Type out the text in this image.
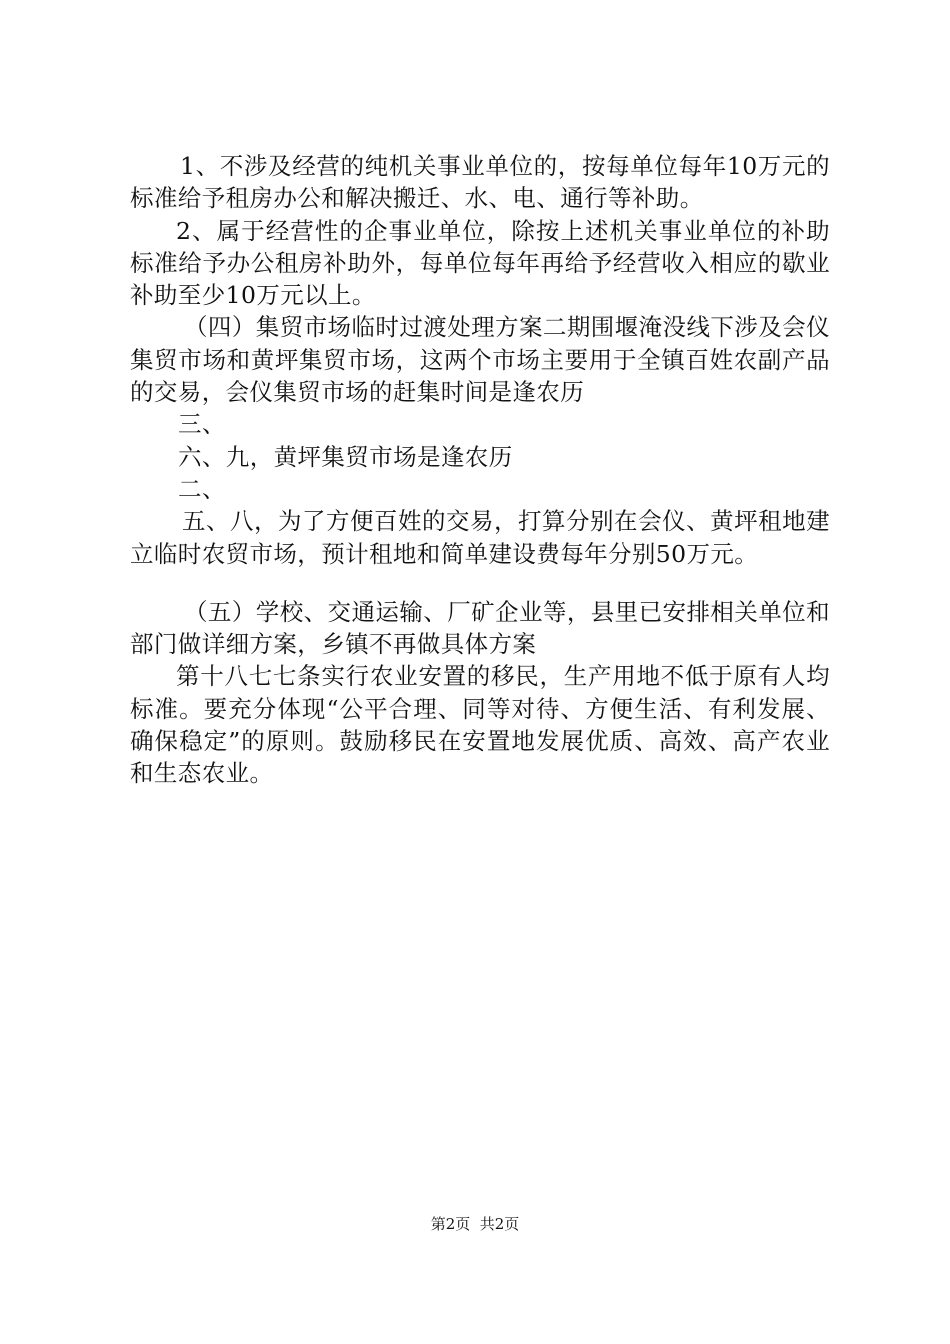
1、不涉及经营的纯机关事业单位的，按每单位每年10万元的标准给予租房办公和解决搬迁、水、电、通行等补助。

2、属于经营性的企事业单位，除按上述机关事业单位的补助标准给予办公租房补助外，每单位每年再给予经营收入相应的歇业补助至少10万元以上。

（四）集贸市场临时过渡处理方案二期围堰淹没线下涉及会仪集贸市场和黄坪集贸市场，这两个市场主要用于全镇百姓农副产品的交易，会仪集贸市场的赶集时间是逢农历

三、

六、九，黄坪集贸市场是逢农历

二、

五、八，为了方便百姓的交易，打算分别在会仪、黄坪租地建立临时农贸市场，预计租地和简单建设费每年分别50万元。

（五）学校、交通运输、厂矿企业等，县里已安排相关单位和部门做详细方案，乡镇不再做具体方案

第十八七七条实行农业安置的移民，生产用地不低于原有人均标准。要充分体现“公平合理、同等对待、方便生活、有利发展、确保稳定”的原则。鼓励移民在安置地发展优质、高效、高产农业和生态农业。

第2页  共2页
